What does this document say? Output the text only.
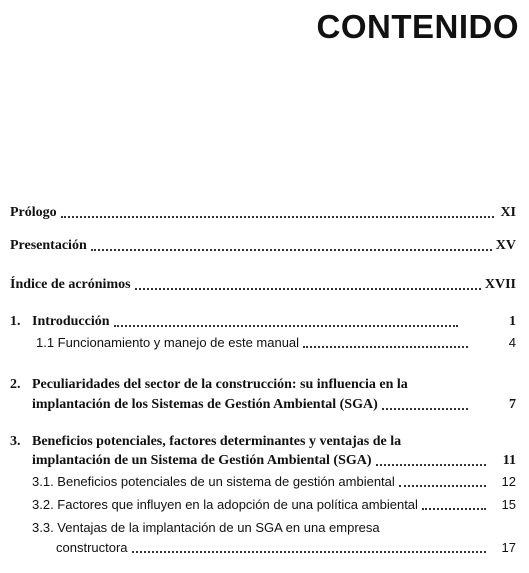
CONTENIDO
Prólogo	XI
Presentación	XV
Índice de acrónimos	XVII
1. Introducción	1
1.1 Funcionamiento y manejo de este manual	4
2. Peculiaridades del sector de la construcción: su influencia en la
implantación de los Sistemas de Gestión Ambiental (SGA)	7
3. Beneficios potenciales, factores determinantes y ventajas de la
implantación de un Sistema de Gestión Ambiental (SGA)	11
3.1. Beneficios potenciales de un sistema de gestión ambiental	12
3.2. Factores que influyen en la adopción de una política ambiental	15
3.3. Ventajas de la implantación de un SGA en una empresa
constructora	17
